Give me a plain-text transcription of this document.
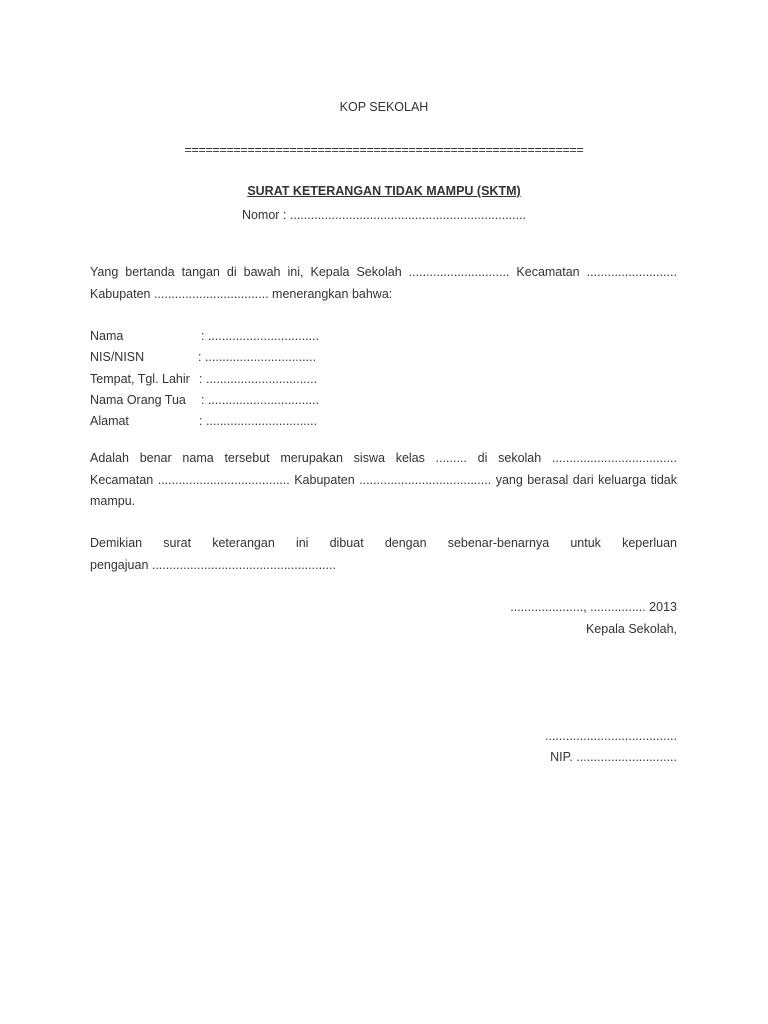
KOP SEKOLAH
=========================================================
SURAT KETERANGAN TIDAK MAMPU (SKTM)
Nomor : ....................................................................
Yang bertanda tangan di bawah ini, Kepala Sekolah ............................. Kecamatan ..........................
Kabupaten ................................. menerangkan bahwa:
Nama	: ................................
NIS/NISN	: ................................
Tempat, Tgl. Lahir : ................................
Nama Orang Tua : ................................
Alamat	: ................................
Adalah benar nama tersebut merupakan siswa kelas ......... di sekolah ....................................
Kecamatan ...................................... Kabupaten ...................................... yang berasal dari keluarga tidak
mampu.
Demikian surat keterangan ini dibuat dengan sebenar-benarnya untuk keperluan
pengajuan .....................................................
....................., ................ 2013
Kepala Sekolah,
......................................
NIP. .............................
